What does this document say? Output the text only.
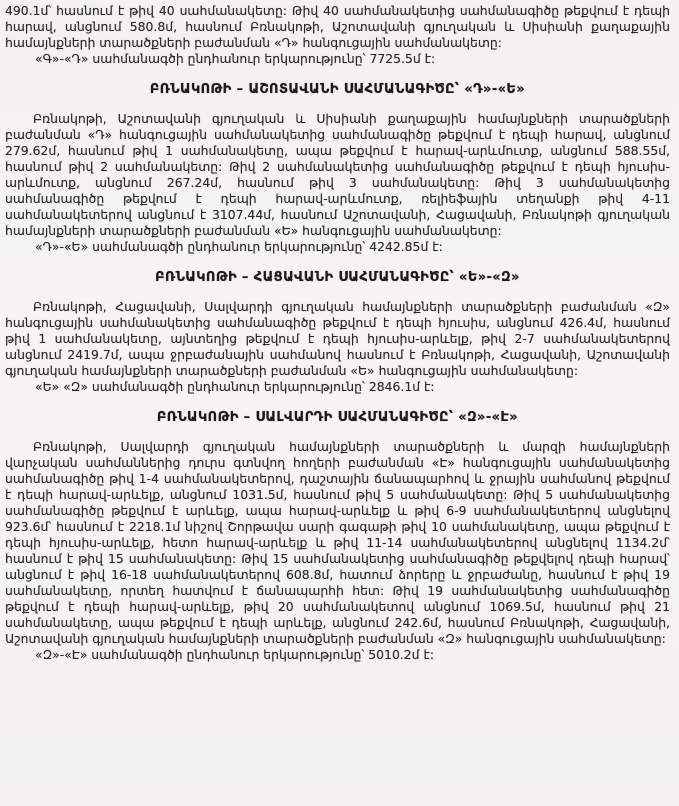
490.1մ՝ հասնում է թիվ 40 սահմանակետը: Թիվ 40 սահմանակետից սահմանագիծը թեքվում է դեպի հարավ, անցնում 580.8մ, հասնում Բռնակոթի, Աշոտավանի գյուղական և Սիսիանի քաղաքային համայնքների տարածքների բաժանման «Դ» հանգուցային սահմանակետը:

«Գ»-«Դ» սահմանագծի ընդհանուր երկարությունը՝ 7725.5մ է:

ԲՌՆԱԿՈԹԻ – ԱՇՈՏԱՎԱՆԻ ՍԱՀՄԱՆԱԳԻԾԸ՝ «Դ»-«Ե»

Բռնակոթի, Աշոտավանի գյուղական և Սիսիանի քաղաքային համայնքների տարածքների բաժանման «Դ» հանգուցային սահմանակետից սահմանագիծը թեքվում է դեպի հարավ, անցնում 279.62մ, հասնում թիվ 1 սահմանակետը, ապա թեքվում է հարավ-արևմուտք, անցնում 588.55մ, հասնում թիվ 2 սահմանակետը: Թիվ 2 սահմանակետից սահմանագիծը թեքվում է դեպի հյուսիս-արևմուտք, անցնում 267.24մ, հասնում թիվ 3 սահմանակետը: Թիվ 3 սահմանակետից սահմանագիծը թեքվում է դեպի հարավ-արևմուտք, ռելիեֆային տեղանքի թիվ 4-11 սահմանակետերով անցնում է 3107.44մ, հասնում Աշոտավանի, Հացավանի, Բռնակոթի գյուղական համայնքների տարածքների բաժանման «Ե» հանգուցային սահմանակետը:

«Դ»-«Ե» սահմանագծի ընդհանուր երկարությունը՝ 4242.85մ է:

ԲՌՆԱԿՈԹԻ – ՀԱՑԱՎԱՆԻ ՍԱՀՄԱՆԱԳԻԾԸ՝ «Ե»-«Զ»

Բռնակոթի, Հացավանի, Սալվարդի գյուղական համայնքների տարածքների բաժանման «Զ» հանգուցային սահմանակետից սահմանագիծը թեքվում է դեպի հյուսիս, անցնում 426.4մ, հասնում թիվ 1 սահմանակետը, այնտեղից թեքվում է դեպի հյուսիս-արևելք, թիվ 2-7 սահմանակետերով անցնում 2419.7մ, ապա ջրբաժանային սահմանով հասնում է Բռնակոթի, Հացավանի, Աշոտավանի գյուղական համայնքների տարածքների բաժանման «Ե» հանգուցային սահմանակետը:

«Ե» «Զ» սահմանագծի ընդհանուր երկարությունը՝ 2846.1մ է:

ԲՌՆԱԿՈԹԻ – ՍԱԼՎԱՐԴԻ ՍԱՀՄԱՆԱԳԻԾԸ՝ «Զ»-«Է»

Բռնակոթի, Սալվարդի գյուղական համայնքների տարածքների և մարզի համայնքների վարչական սահմաններից դուրս գտնվող հողերի բաժանման «Է» հանգուցային սահմանակետից սահմանագիծը թիվ 1-4 սահմանակետերով, դաշտային ճանապարհով և ջրային սահմանով թեքվում է դեպի հարավ-արևելք, անցնում 1031.5մ, հասնում թիվ 5 սահմանակետը: Թիվ 5 սահմանակետից սահմանագիծը թեքվում է արևելք, ապա հարավ-արևելք և թիվ 6-9 սահմանակետերով անցնելով 923.6մ՝ հասնում է 2218.1մ նիշով Շորթավա սարի գագաթի թիվ 10 սահմանակետը, ապա թեքվում է դեպի հյուսիս-արևելք, հետո հարավ-արևելք և թիվ 11-14 սահմանակետերով անցնելով 1134.2մ՝ հասնում է թիվ 15 սահմանակետը: Թիվ 15 սահմանակետից սահմանագիծը թեքվելով դեպի հարավ՝ անցնում է թիվ 16-18 սահմանակետերով 608.8մ, հատում ձորերը և ջրբաժանը, հասնում է թիվ 19 սահմանակետը, որտեղ հատվում է ճանապարհի հետ: Թիվ 19 սահմանակետից սահմանագիծը թեքվում է դեպի հարավ-արևելք, թիվ 20 սահմանակետով անցնում 1069.5մ, հասնում թիվ 21 սահմանակետը, ապա թեքվում է դեպի արևելք, անցնում 242.6մ, հասնում Բռնակոթի, Հացավանի, Աշոտավանի գյուղական համայնքների տարածքների բաժանման «Զ» հանգուցային սահմանակետը:

«Զ»-«Է» սահմանագծի ընդհանուր երկարությունը՝ 5010.2մ է:
